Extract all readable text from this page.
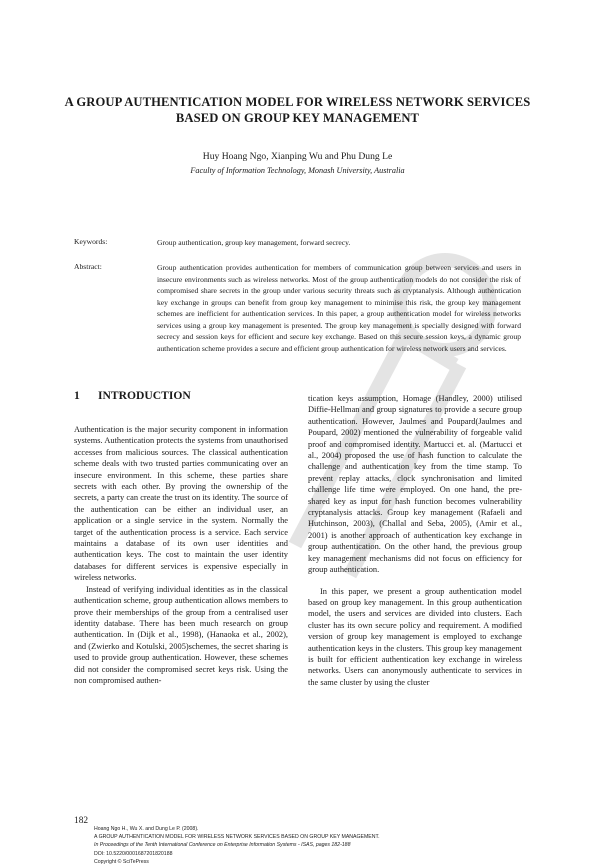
A GROUP AUTHENTICATION MODEL FOR WIRELESS NETWORK SERVICES BASED ON GROUP KEY MANAGEMENT
Huy Hoang Ngo, Xianping Wu and Phu Dung Le
Faculty of Information Technology, Monash University, Australia
Keywords:	Group authentication, group key management, forward secrecy.
Abstract:	Group authentication provides authentication for members of communication group between services and users in insecure environments such as wireless networks. Most of the group authentication models do not consider the risk of compromised share secrets in the group under various security threats such as cryptanalysis. Although authentication key exchange in groups can benefit from group key management to minimise this risk, the group key management schemes are inefficient for authentication services. In this paper, a group authentication model for wireless networks services using a group key management is presented. The group key management is specially designed with forward secrecy and session keys for efficient and secure key exchange. Based on this secure session keys, a dynamic group authentication scheme provides a secure and efficient group authentication for wireless network users and services.
1 INTRODUCTION

Authentication is the major security component in information systems. Authentication protects the systems from unauthorised accesses from malicious sources. The classical authentication scheme deals with two trusted parties communicating over an insecure environment. In this scheme, these parties share secrets with each other. By proving the ownership of the secrets, a party can create the trust on its identity. The source of the authentication can be either an individual user, an application or a single service in the system. Normally the target of the authentication process is a service. Each service maintains a database of its own user identities and authentication keys. The cost to maintain the user identity databases for different services is expensive especially in wireless networks.

Instead of verifying individual identities as in the classical authentication scheme, group authentication allows members to prove their memberships of the group from a centralised user identity database. There has been much research on group authentication. In (Dijk et al., 1998), (Hanaoka et al., 2002), and (Zwierko and Kotulski, 2005)schemes, the secret sharing is used to provide group authentication. However, these schemes did not consider the compromised secret keys risk. Using the non compromised authen-

tication keys assumption, Homage (Handley, 2000) utilised Diffie-Hellman and group signatures to provide a secure group authentication. However, Jaulmes and Poupard(Jaulmes and Poupard, 2002) mentioned the vulnerability of forgeable valid proof and compromised identity. Martucci et. al. (Martucci et al., 2004) proposed the use of hash function to calculate the challenge and authentication key from the time stamp. To prevent replay attacks, clock synchronisation and limited challenge life time were employed. On one hand, the pre-shared key as input for hash function becomes vulnerability cryptanalysis attacks. Group key management (Rafaeli and Hutchinson, 2003), (Challal and Seba, 2005), (Amir et al., 2001) is another approach of authentication key exchange in group authentication. On the other hand, the previous group key management mechanisms did not focus on efficiency for group authentication.

In this paper, we present a group authentication model based on group key management. In this group authentication model, the users and services are divided into clusters. Each cluster has its own secure policy and requirement. A modified version of group key management is employed to exchange authentication keys in the clusters. This group key management is built for efficient authentication key exchange in wireless networks. Users can anonymously authenticate to services in the same cluster by using the cluster

182
Hoang Ngo H., Wu X. and Dung Le P. (2008).
A GROUP AUTHENTICATION MODEL FOR WIRELESS NETWORK SERVICES BASED ON GROUP KEY MANAGEMENT.
In Proceedings of the Tenth International Conference on Enterprise Information Systems - ISAS, pages 182-188
DOI: 10.5220/0001687201820188
Copyright © SciTePress
